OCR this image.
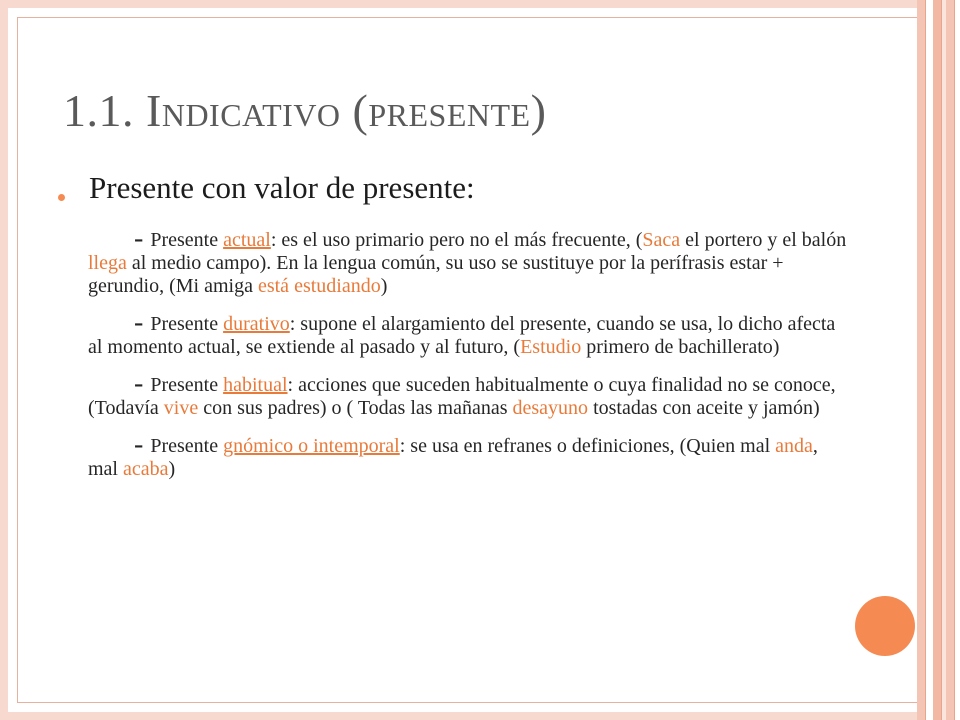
1.1. Indicativo (presente)

Presente con valor de presente:

- Presente actual: es el uso primario pero no el más frecuente, (Saca el portero y el balón llega al medio campo). En la lengua común, su uso se sustituye por la perífrasis estar + gerundio, (Mi amiga está estudiando)

- Presente durativo: supone el alargamiento del presente, cuando se usa, lo dicho afecta al momento actual, se extiende al pasado y al futuro, (Estudio primero de bachillerato)

- Presente habitual: acciones que suceden habitualmente o cuya finalidad no se conoce, (Todavía vive con sus padres) o ( Todas las mañanas desayuno tostadas con aceite y jamón)

- Presente gnómico o intemporal: se usa en refranes o definiciones, (Quien mal anda, mal acaba)
